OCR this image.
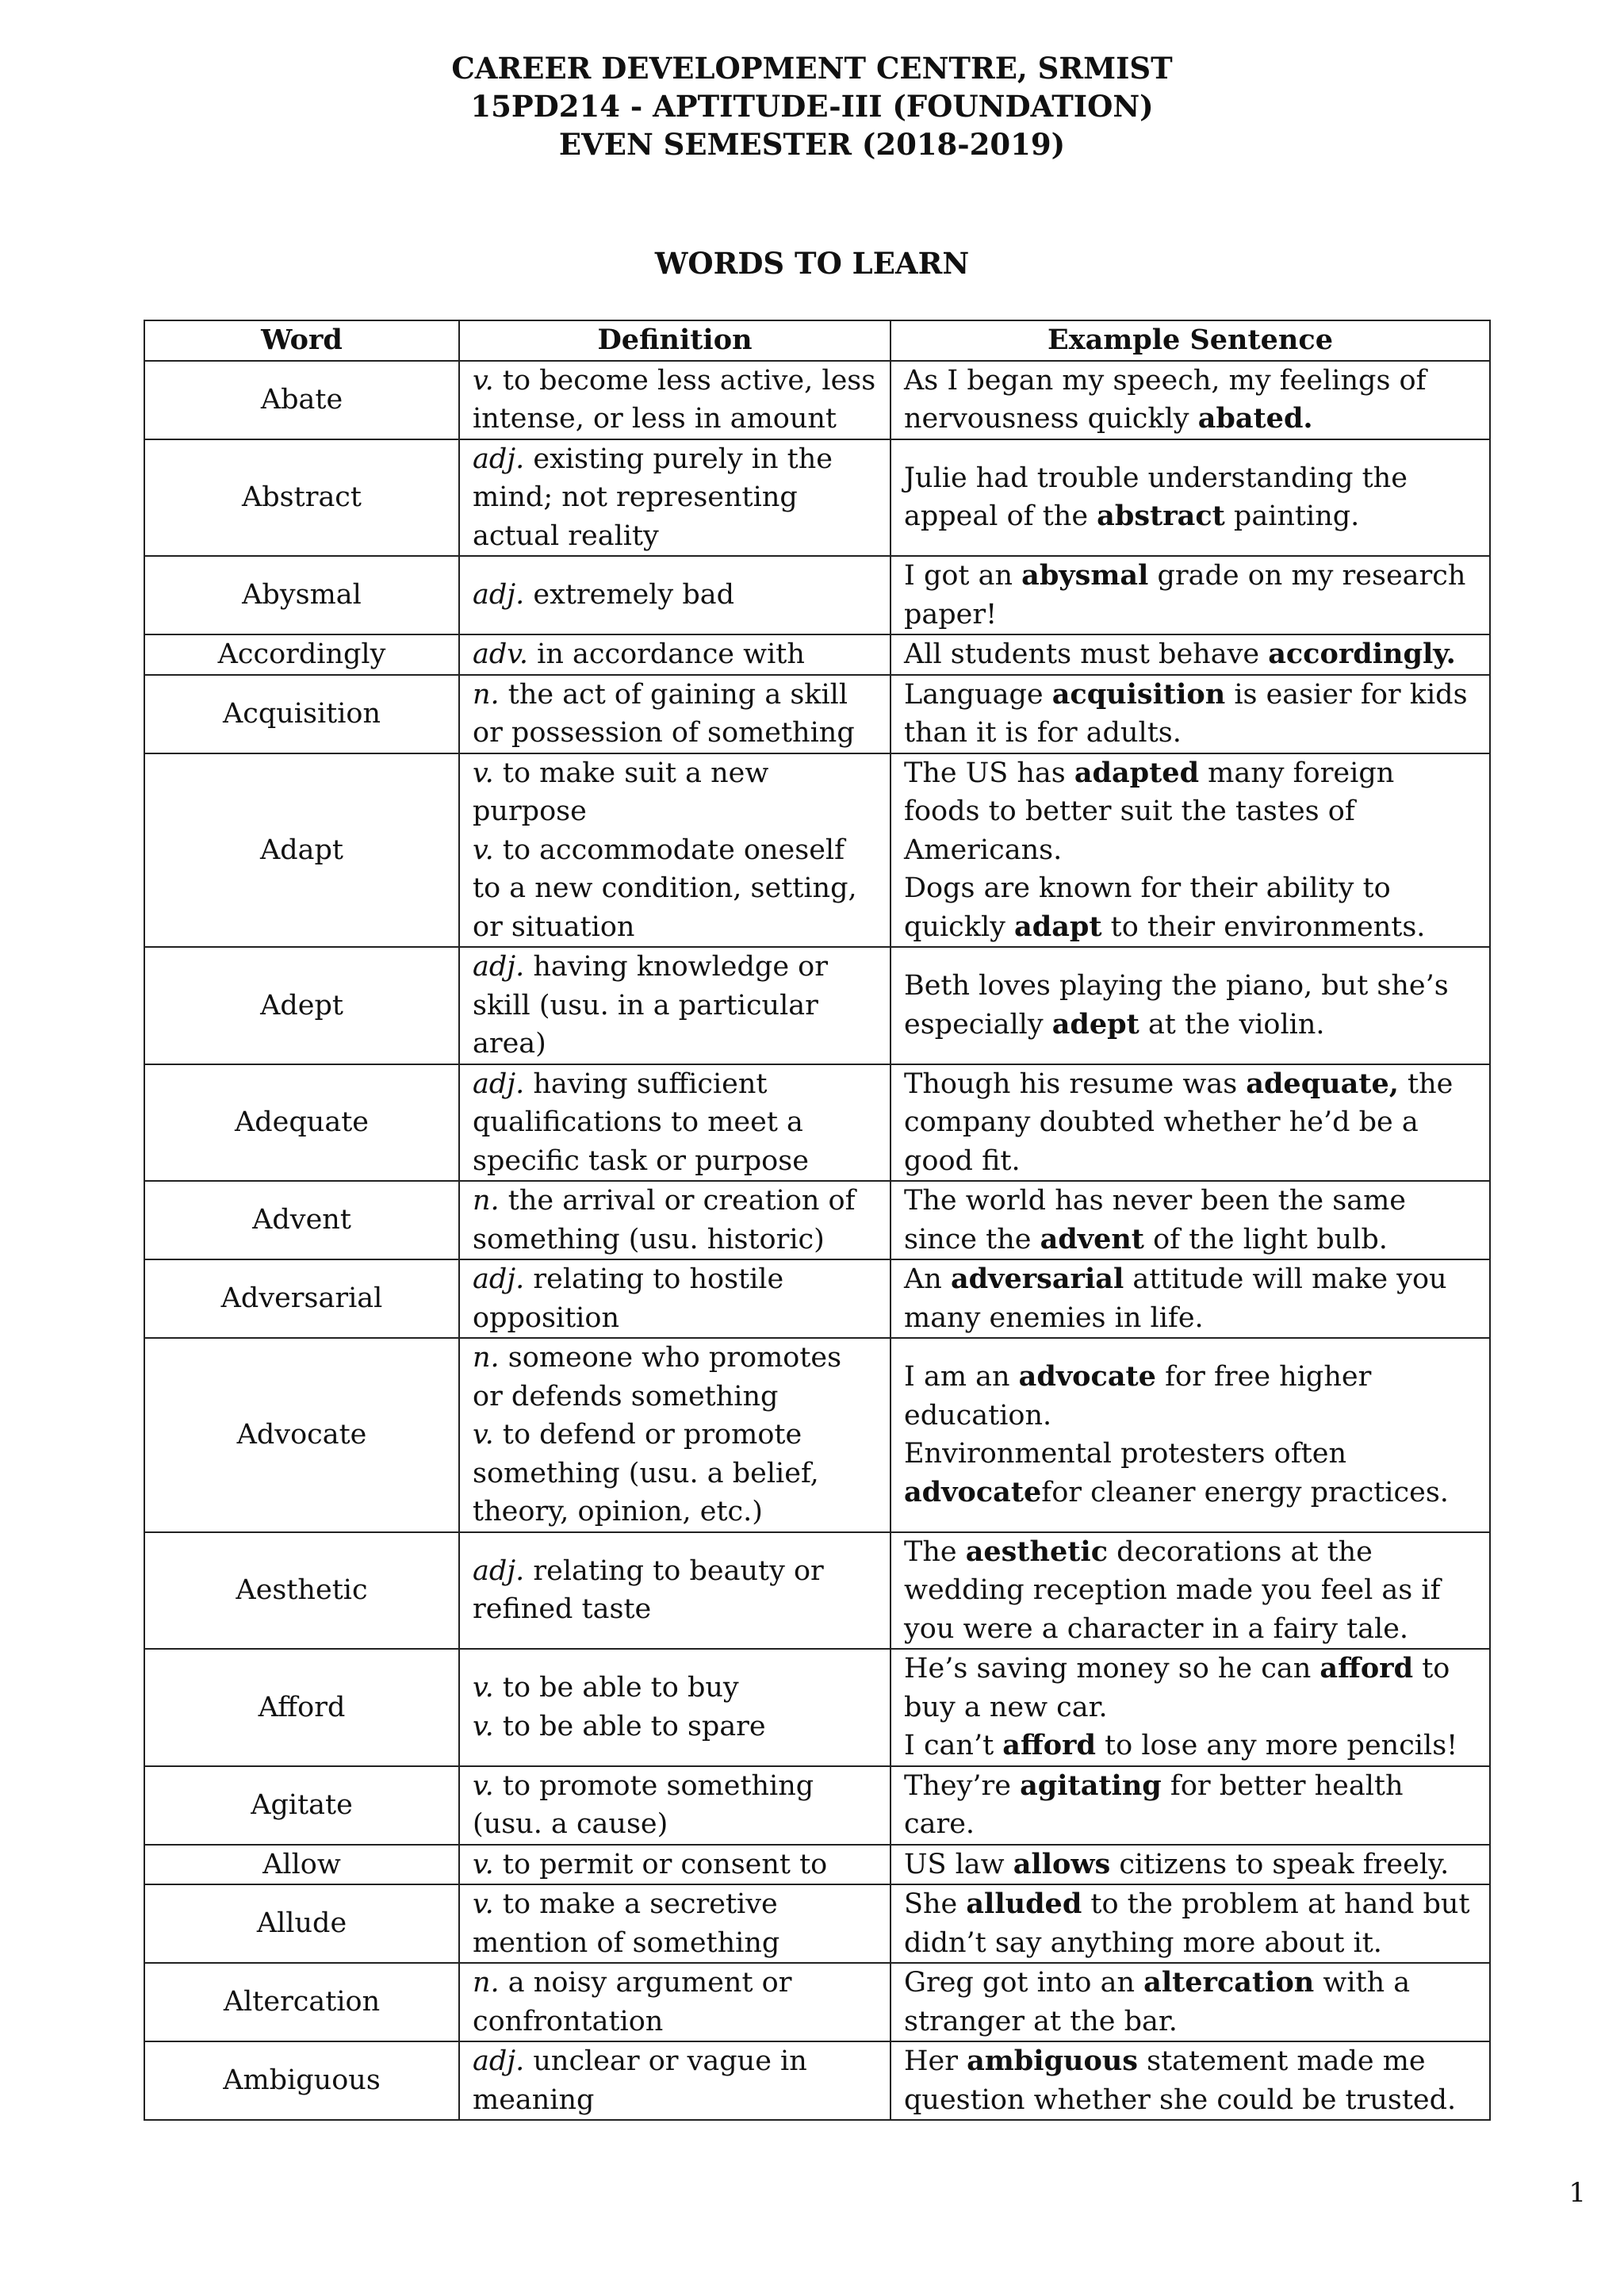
CAREER DEVELOPMENT CENTRE, SRMIST
15PD214 - APTITUDE-III (FOUNDATION)
EVEN SEMESTER (2018-2019)
WORDS TO LEARN
Word	Definition	Example Sentence
Abate	v. to become less active, less intense, or less in amount	As I began my speech, my feelings of nervousness quickly abated.

Abstract	adj. existing purely in the mind; not representing actual reality	Julie had trouble understanding the appeal of the abstract painting.

Abysmal	adj. extremely bad	I got an abysmal grade on my research paper!

Accordingly	adv. in accordance with	All students must behave accordingly.

Acquisition	n. the act of gaining a skill or possession of something	Language acquisition is easier for kids than it is for adults.

Adapt	v. to make suit a new purpose
v. to accommodate oneself to a new condition, setting, or situation	The US has adapted many foreign foods to better suit the tastes of Americans.
Dogs are known for their ability to quickly adapt to their environments.

Adept	adj. having knowledge or skill (usu. in a particular area)	Beth loves playing the piano, but she’s especially adept at the violin.

Adequate	adj. having sufficient qualifications to meet a specific task or purpose	Though his resume was adequate, the company doubted whether he’d be a good fit.

Advent	n. the arrival or creation of something (usu. historic)	The world has never been the same since the advent of the light bulb.

Adversarial	adj. relating to hostile opposition	An adversarial attitude will make you many enemies in life.

Advocate	n. someone who promotes or defends something
v. to defend or promote something (usu. a belief, theory, opinion, etc.)	I am an advocate for free higher education.
Environmental protesters often advocatefor cleaner energy practices.

Aesthetic	adj. relating to beauty or refined taste	The aesthetic decorations at the wedding reception made you feel as if you were a character in a fairy tale.

Afford	v. to be able to buy
v. to be able to spare	He’s saving money so he can afford to buy a new car.
I can’t afford to lose any more pencils!

Agitate	v. to promote something (usu. a cause)	They’re agitating for better health care.

Allow	v. to permit or consent to	US law allows citizens to speak freely.

Allude	v. to make a secretive mention of something	She alluded to the problem at hand but didn’t say anything more about it.

Altercation	n. a noisy argument or confrontation	Greg got into an altercation with a stranger at the bar.

Ambiguous	adj. unclear or vague in meaning	Her ambiguous statement made me question whether she could be trusted.
1
